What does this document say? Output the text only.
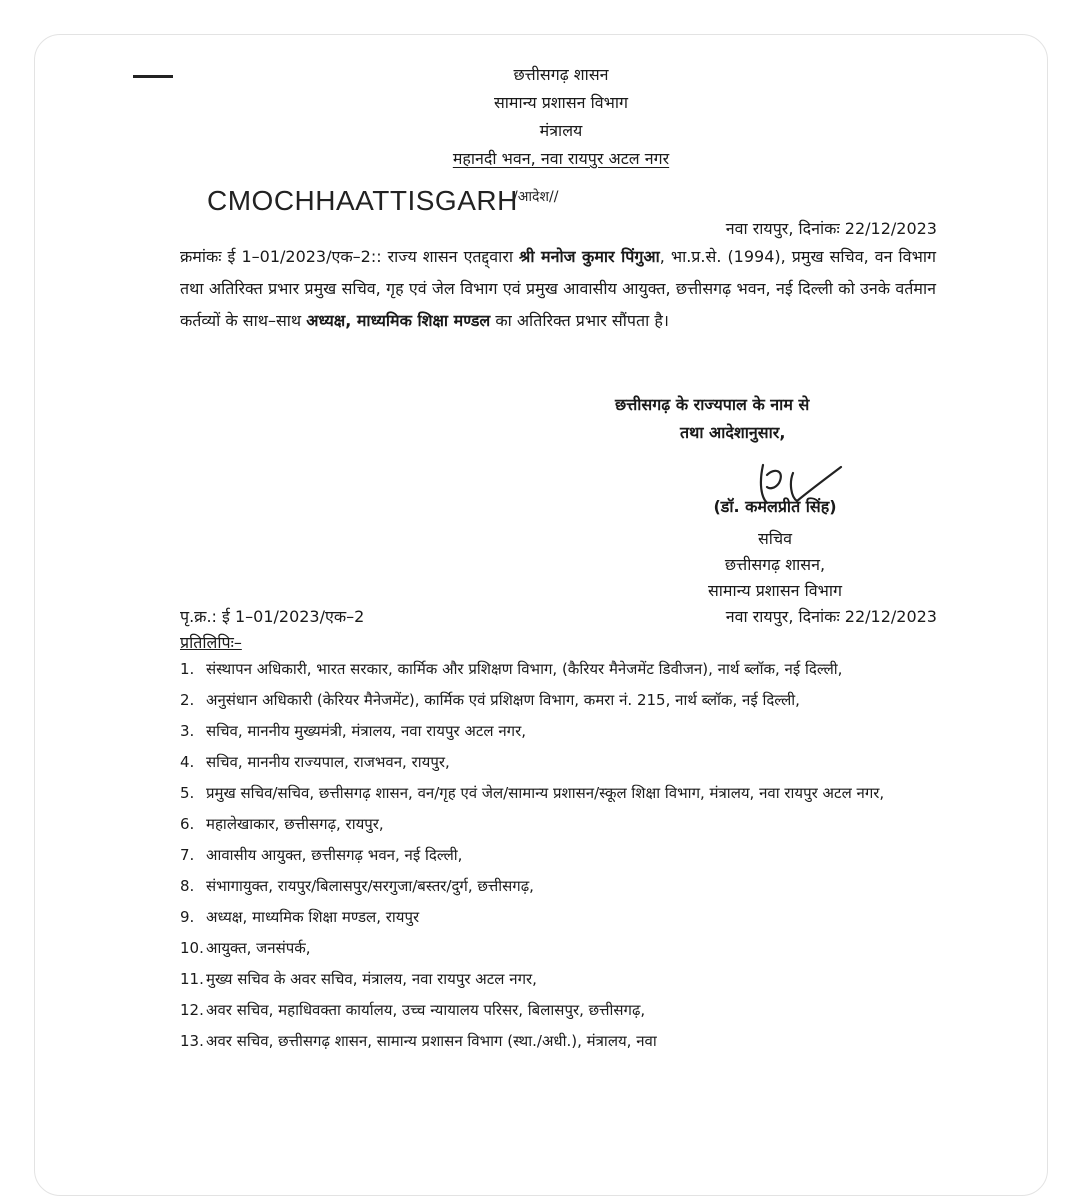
छत्तीसगढ़ शासन
सामान्य प्रशासन विभाग
मंत्रालय
महानदी भवन, नवा रायपुर अटल नगर
CMOCHHAATTISGARH
/आदेश//
नवा रायपुर, दिनांकः 22/12/2023
क्रमांकः ई 1–01/2023/एक–2:: राज्य शासन एतद्द्वारा श्री मनोज कुमार पिंगुआ, भा.प्र.से. (1994), प्रमुख सचिव, वन विभाग तथा अतिरिक्त प्रभार प्रमुख सचिव, गृह एवं जेल विभाग एवं प्रमुख आवासीय आयुक्त, छत्तीसगढ़ भवन, नई दिल्ली को उनके वर्तमान कर्तव्यों के साथ–साथ अध्यक्ष, माध्यमिक शिक्षा मण्डल का अतिरिक्त प्रभार सौंपता है।
छत्तीसगढ़ के राज्यपाल के नाम से
तथा आदेशानुसार,
(डॉ. कमलप्रीत सिंह)
सचिव
छत्तीसगढ़ शासन,
सामान्य प्रशासन विभाग
पृ.क्र.: ई 1–01/2023/एक–2	नवा रायपुर, दिनांकः 22/12/2023
प्रतिलिपिः–
1. संस्थापन अधिकारी, भारत सरकार, कार्मिक और प्रशिक्षण विभाग, (कैरियर मैनेजमेंट डिवीजन), नार्थ ब्लॉक, नई दिल्ली,
2. अनुसंधान अधिकारी (केरियर मैनेजमेंट), कार्मिक एवं प्रशिक्षण विभाग, कमरा नं. 215, नार्थ ब्लॉक, नई दिल्ली,
3. सचिव, माननीय मुख्यमंत्री, मंत्रालय, नवा रायपुर अटल नगर,
4. सचिव, माननीय राज्यपाल, राजभवन, रायपुर,
5. प्रमुख सचिव/सचिव, छत्तीसगढ़ शासन, वन/गृह एवं जेल/सामान्य प्रशासन/स्कूल शिक्षा विभाग, मंत्रालय, नवा रायपुर अटल नगर,
6. महालेखाकार, छत्तीसगढ़, रायपुर,
7. आवासीय आयुक्त, छत्तीसगढ़ भवन, नई दिल्ली,
8. संभागायुक्त, रायपुर/बिलासपुर/सरगुजा/बस्तर/दुर्ग, छत्तीसगढ़,
9. अध्यक्ष, माध्यमिक शिक्षा मण्डल, रायपुर
10. आयुक्त, जनसंपर्क,
11. मुख्य सचिव के अवर सचिव, मंत्रालय, नवा रायपुर अटल नगर,
12. अवर सचिव, महाधिवक्ता कार्यालय, उच्च न्यायालय परिसर, बिलासपुर, छत्तीसगढ़,
13. अवर सचिव, छत्तीसगढ़ शासन, सामान्य प्रशासन विभाग (स्था./अधी.), मंत्रालय, नवा
